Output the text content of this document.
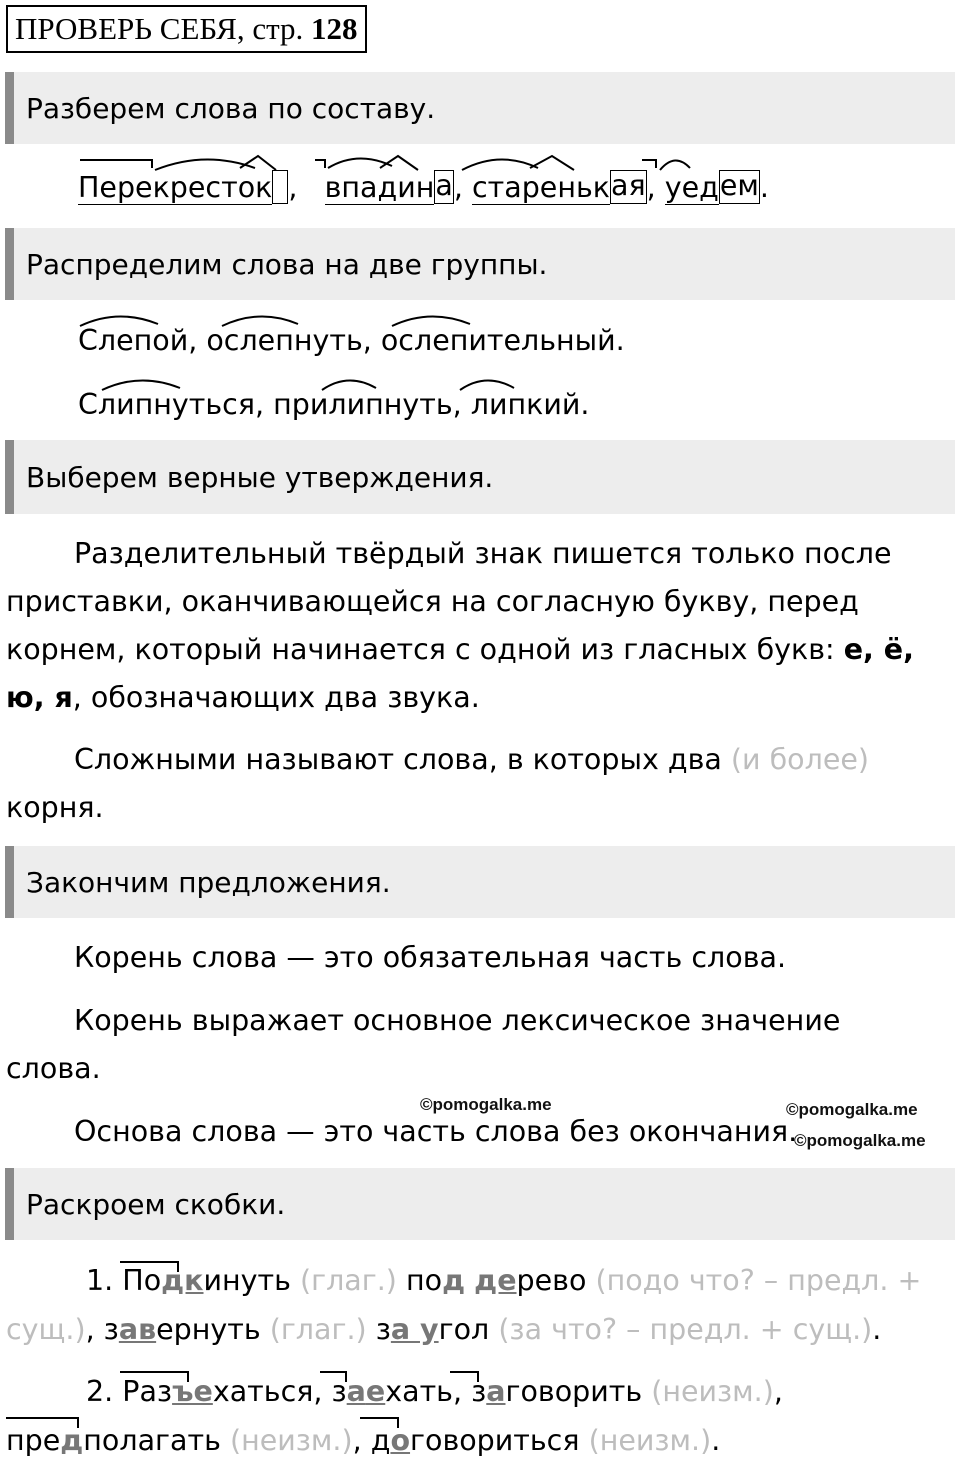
ПРОВЕРЬ СЕБЯ, стр. 128
Разберем слова по составу.
Перекресток , впадина, старенькая, уедем.
Распределим слова на две группы.
Слепой, ослепнуть, ослепительный.
Слипнуться, прилипнуть, липкий.
Выберем верные утверждения.
Разделительный твёрдый знак пишется только после
приставки, оканчивающейся на согласную букву, перед
корнем, который начинается с одной из гласных букв: е, ё,
ю, я, обозначающих два звука.
Сложными называют слова, в которых два (и более)
корня.
Закончим предложения.
Корень слова — это обязательная часть слова.
Корень выражает основное лексическое значение
слова.
Основа слова — это часть слова без окончания.
©pomogalka.me	©pomogalka.me
©pomogalka.me
Раскроем скобки.
1. Подкинуть (глаг.) под дерево (подо что? – предл. +
сущ.), завернуть (глаг.) за угол (за что? – предл. + сущ.).
2. Разъехаться, заехать, заговорить (неизм.),
предполагать (неизм.), договориться (неизм.).
